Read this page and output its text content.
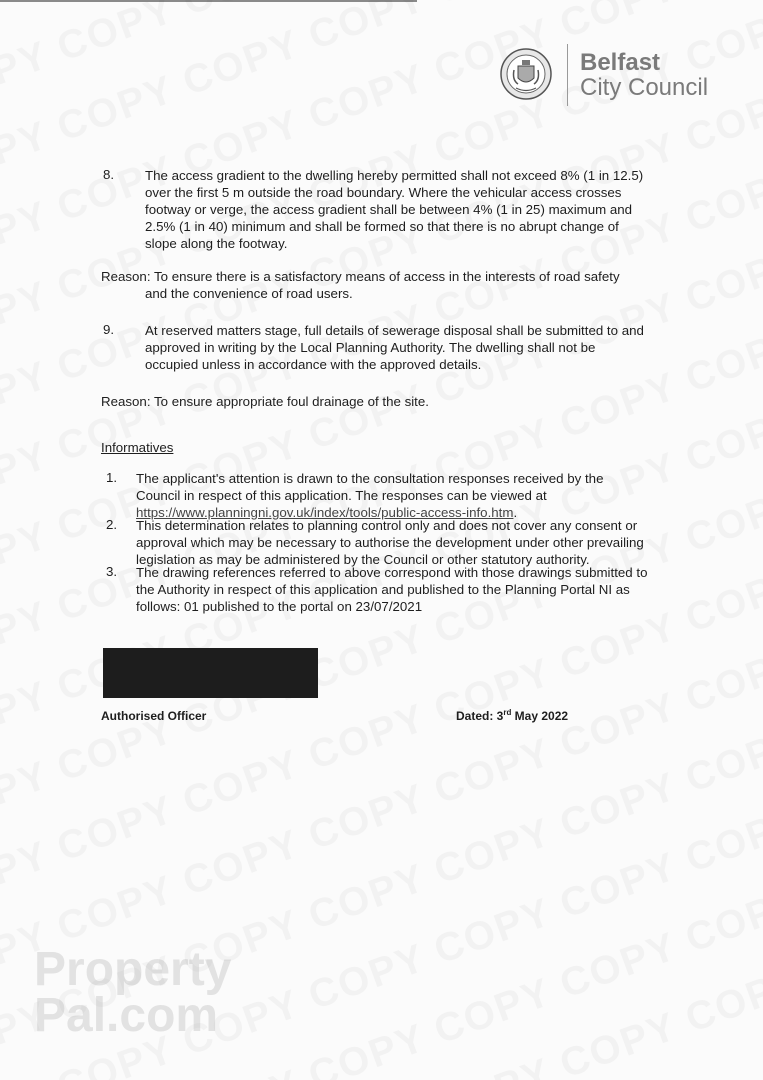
Belfast
City Council
8. The access gradient to the dwelling hereby permitted shall not exceed 8% (1 in 12.5)
over the first 5 m outside the road boundary. Where the vehicular access crosses
footway or verge, the access gradient shall be between 4% (1 in 25) maximum and
2.5% (1 in 40) minimum and shall be formed so that there is no abrupt change of
slope along the footway.
Reason: To ensure there is a satisfactory means of access in the interests of road safety
and the convenience of road users.
9. At reserved matters stage, full details of sewerage disposal shall be submitted to and
approved in writing by the Local Planning Authority. The dwelling shall not be
occupied unless in accordance with the approved details.
Reason: To ensure appropriate foul drainage of the site.
Informatives
1. The applicant's attention is drawn to the consultation responses received by the
Council in respect of this application. The responses can be viewed at
https://www.planningni.gov.uk/index/tools/public-access-info.htm.
2. This determination relates to planning control only and does not cover any consent or
approval which may be necessary to authorise the development under other prevailing
legislation as may be administered by the Council or other statutory authority.
3. The drawing references referred to above correspond with those drawings submitted to
the Authority in respect of this application and published to the Planning Portal NI as
follows: 01 published to the portal on 23/07/2021
Authorised Officer	Dated: 3rd May 2022
Property
Pal.com
